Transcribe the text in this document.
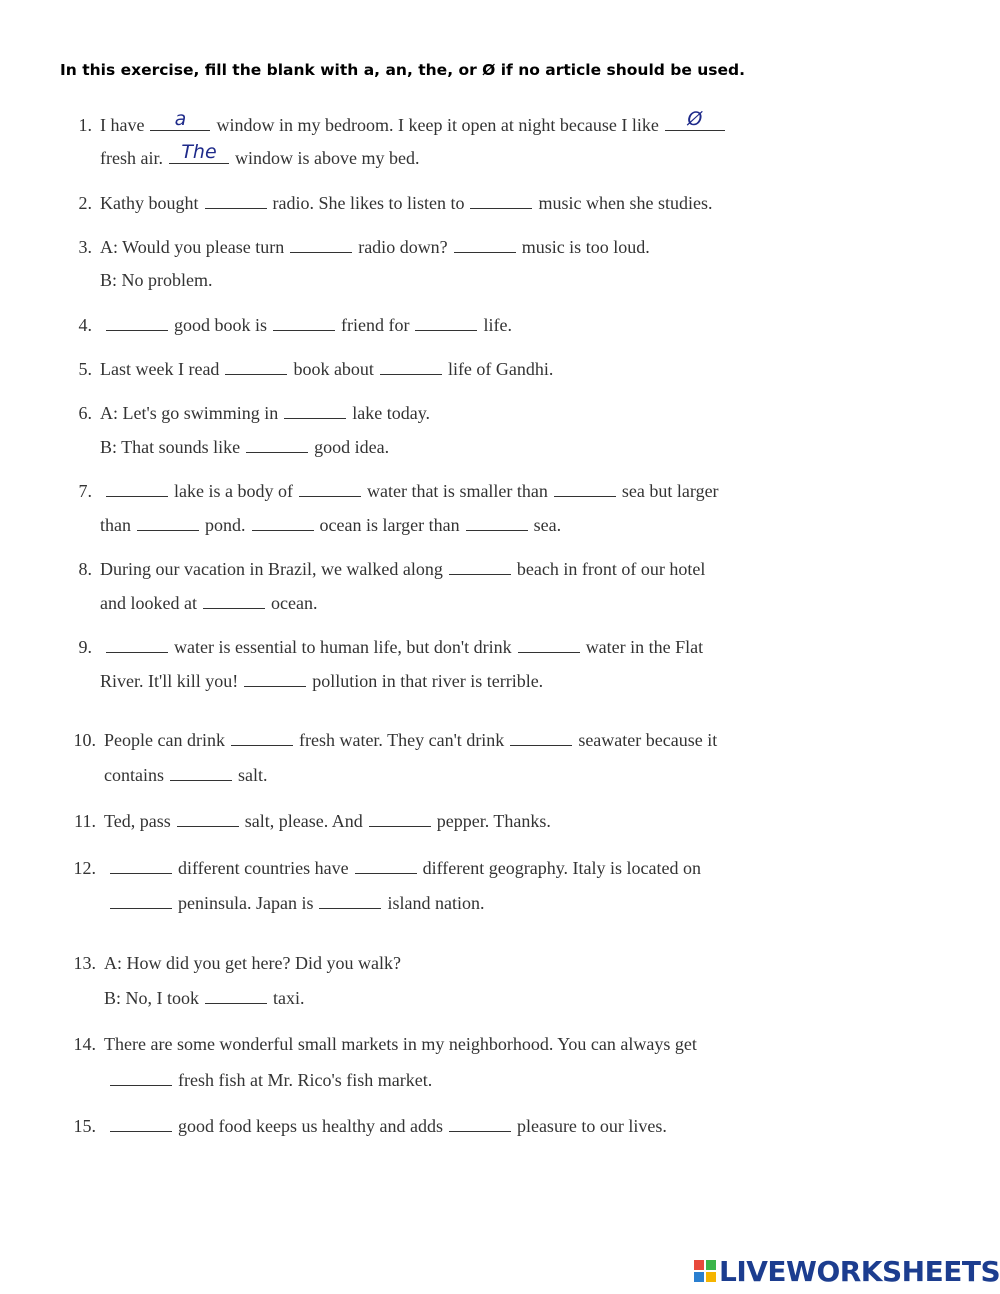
In this exercise, fill the blank with a, an, the, or Ø if no article should be used.

1. I have	a	window in my bedroom. I keep it open at night because I like	Ø
fresh air. The	window is above my bed.
2. Kathy bought	radio. She likes to listen to	music when she studies.
3. A: Would you please turn	radio down?	music is too loud.
B: No problem.
4.	good book is	friend for	life.
5. Last week I read	book about	life of Gandhi.
6. A: Let's go swimming in	lake today.
B: That sounds like	good idea.
7.	lake is a body of	water that is smaller than	sea but larger
than	pond.	ocean is larger than	sea.
8. During our vacation in Brazil, we walked along	beach in front of our hotel
and looked at	ocean.
9.	water is essential to human life, but don't drink	water in the Flat
River. It'll kill you!	pollution in that river is terrible.
10. People can drink	fresh water. They can't drink	seawater because it
contains	salt.
11. Ted, pass	salt, please. And	pepper. Thanks.
12.	different countries have	different geography. Italy is located on
peninsula. Japan is	island nation.
13. A: How did you get here? Did you walk?
B: No, I took	taxi.
14. There are some wonderful small markets in my neighborhood. You can always get
fresh fish at Mr. Rico's fish market.
15.	good food keeps us healthy and adds	pleasure to our lives.
LIVEWORKSHEETS
